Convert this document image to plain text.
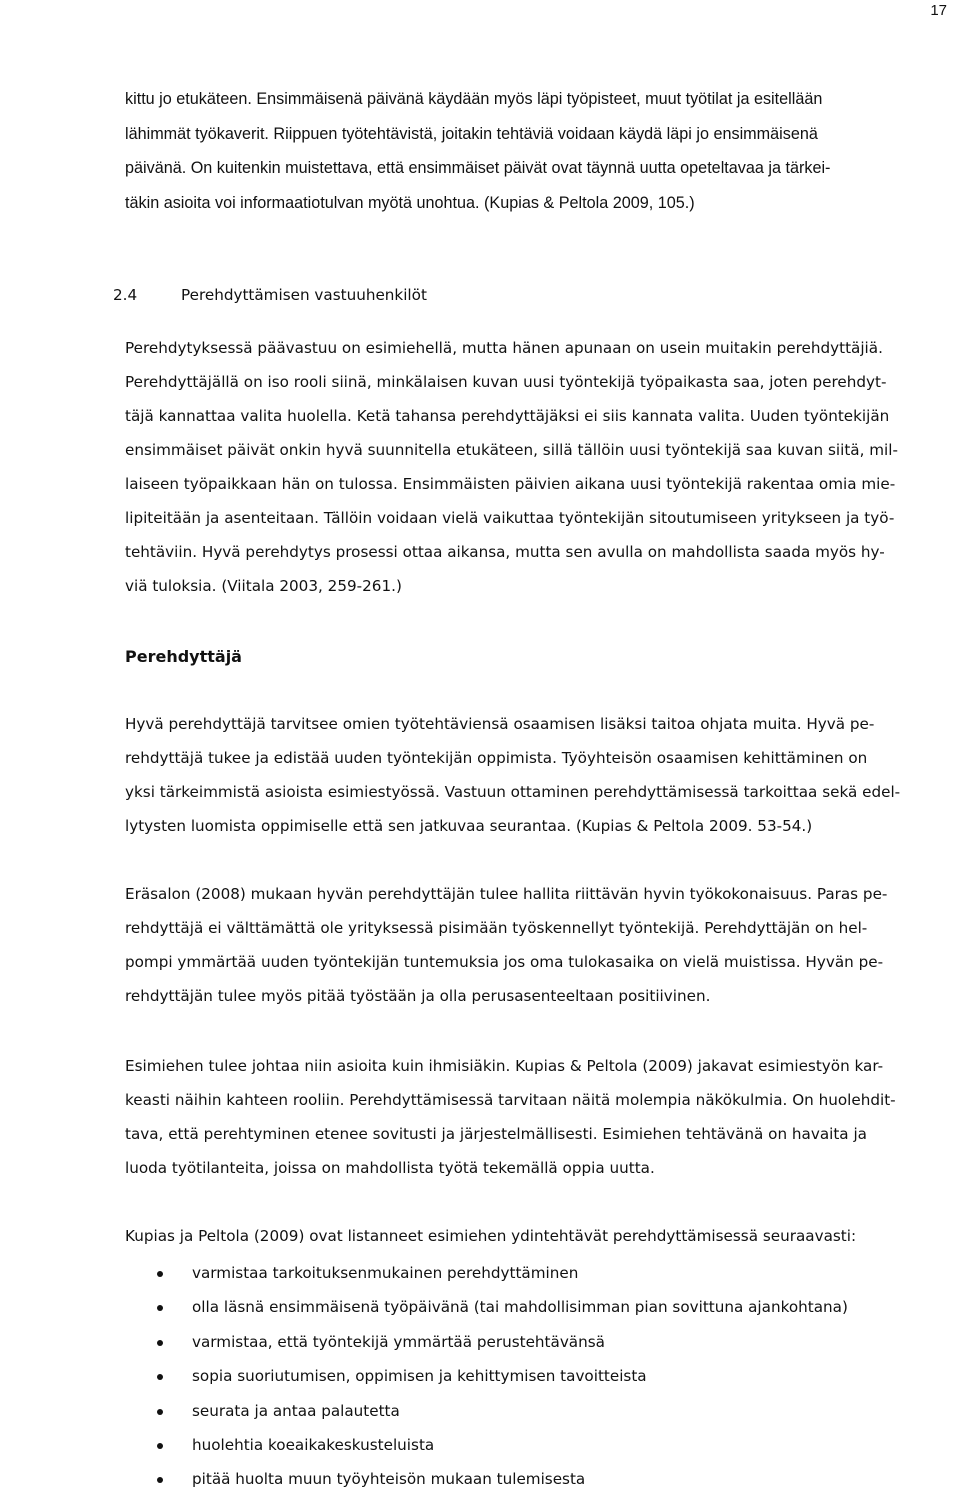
17
kittu jo etukäteen. Ensimmäisenä päivänä käydään myös läpi työpisteet, muut työtilat ja esitellään
lähimmät työkaverit. Riippuen työtehtävistä, joitakin tehtäviä voidaan käydä läpi jo ensimmäisenä
päivänä. On kuitenkin muistettava, että ensimmäiset päivät ovat täynnä uutta opeteltavaa ja tärkei-
täkin asioita voi informaatiotulvan myötä unohtua. (Kupias & Peltola 2009, 105.)
2.4	Perehdyttämisen vastuuhenkilöt
Perehdytyksessä päävastuu on esimiehellä, mutta hänen apunaan on usein muitakin perehdyttäjiä.
Perehdyttäjällä on iso rooli siinä, minkälaisen kuvan uusi työntekijä työpaikasta saa, joten perehdyt-
täjä kannattaa valita huolella. Ketä tahansa perehdyttäjäksi ei siis kannata valita. Uuden työntekijän
ensimmäiset päivät onkin hyvä suunnitella etukäteen, sillä tällöin uusi työntekijä saa kuvan siitä, mil-
laiseen työpaikkaan hän on tulossa. Ensimmäisten päivien aikana uusi työntekijä rakentaa omia mie-
lipiteitään ja asenteitaan. Tällöin voidaan vielä vaikuttaa työntekijän sitoutumiseen yritykseen ja työ-
tehtäviin. Hyvä perehdytys prosessi ottaa aikansa, mutta sen avulla on mahdollista saada myös hy-
viä tuloksia. (Viitala 2003, 259-261.)
Perehdyttäjä
Hyvä perehdyttäjä tarvitsee omien työtehtäviensä osaamisen lisäksi taitoa ohjata muita. Hyvä pe-
rehdyttäjä tukee ja edistää uuden työntekijän oppimista. Työyhteisön osaamisen kehittäminen on
yksi tärkeimmistä asioista esimiestyössä. Vastuun ottaminen perehdyttämisessä tarkoittaa sekä edel-
lytysten luomista oppimiselle että sen jatkuvaa seurantaa. (Kupias & Peltola 2009. 53-54.)
Eräsalon (2008) mukaan hyvän perehdyttäjän tulee hallita riittävän hyvin työkokonaisuus. Paras pe-
rehdyttäjä ei välttämättä ole yrityksessä pisimään työskennellyt työntekijä. Perehdyttäjän on hel-
pompi ymmärtää uuden työntekijän tuntemuksia jos oma tulokasaika on vielä muistissa. Hyvän pe-
rehdyttäjän tulee myös pitää työstään ja olla perusasenteeltaan positiivinen.
Esimiehen tulee johtaa niin asioita kuin ihmisiäkin. Kupias & Peltola (2009) jakavat esimiestyön kar-
keasti näihin kahteen rooliin. Perehdyttämisessä tarvitaan näitä molempia näkökulmia. On huolehdit-
tava, että perehtyminen etenee sovitusti ja järjestelmällisesti. Esimiehen tehtävänä on havaita ja
luoda työtilanteita, joissa on mahdollista työtä tekemällä oppia uutta.
Kupias ja Peltola (2009) ovat listanneet esimiehen ydintehtävät perehdyttämisessä seuraavasti:
varmistaa tarkoituksenmukainen perehdyttäminen
olla läsnä ensimmäisenä työpäivänä (tai mahdollisimman pian sovittuna ajankohtana)
varmistaa, että työntekijä ymmärtää perustehtävänsä
sopia suoriutumisen, oppimisen ja kehittymisen tavoitteista
seurata ja antaa palautetta
huolehtia koeaikakeskusteluista
pitää huolta muun työyhteisön mukaan tulemisesta
